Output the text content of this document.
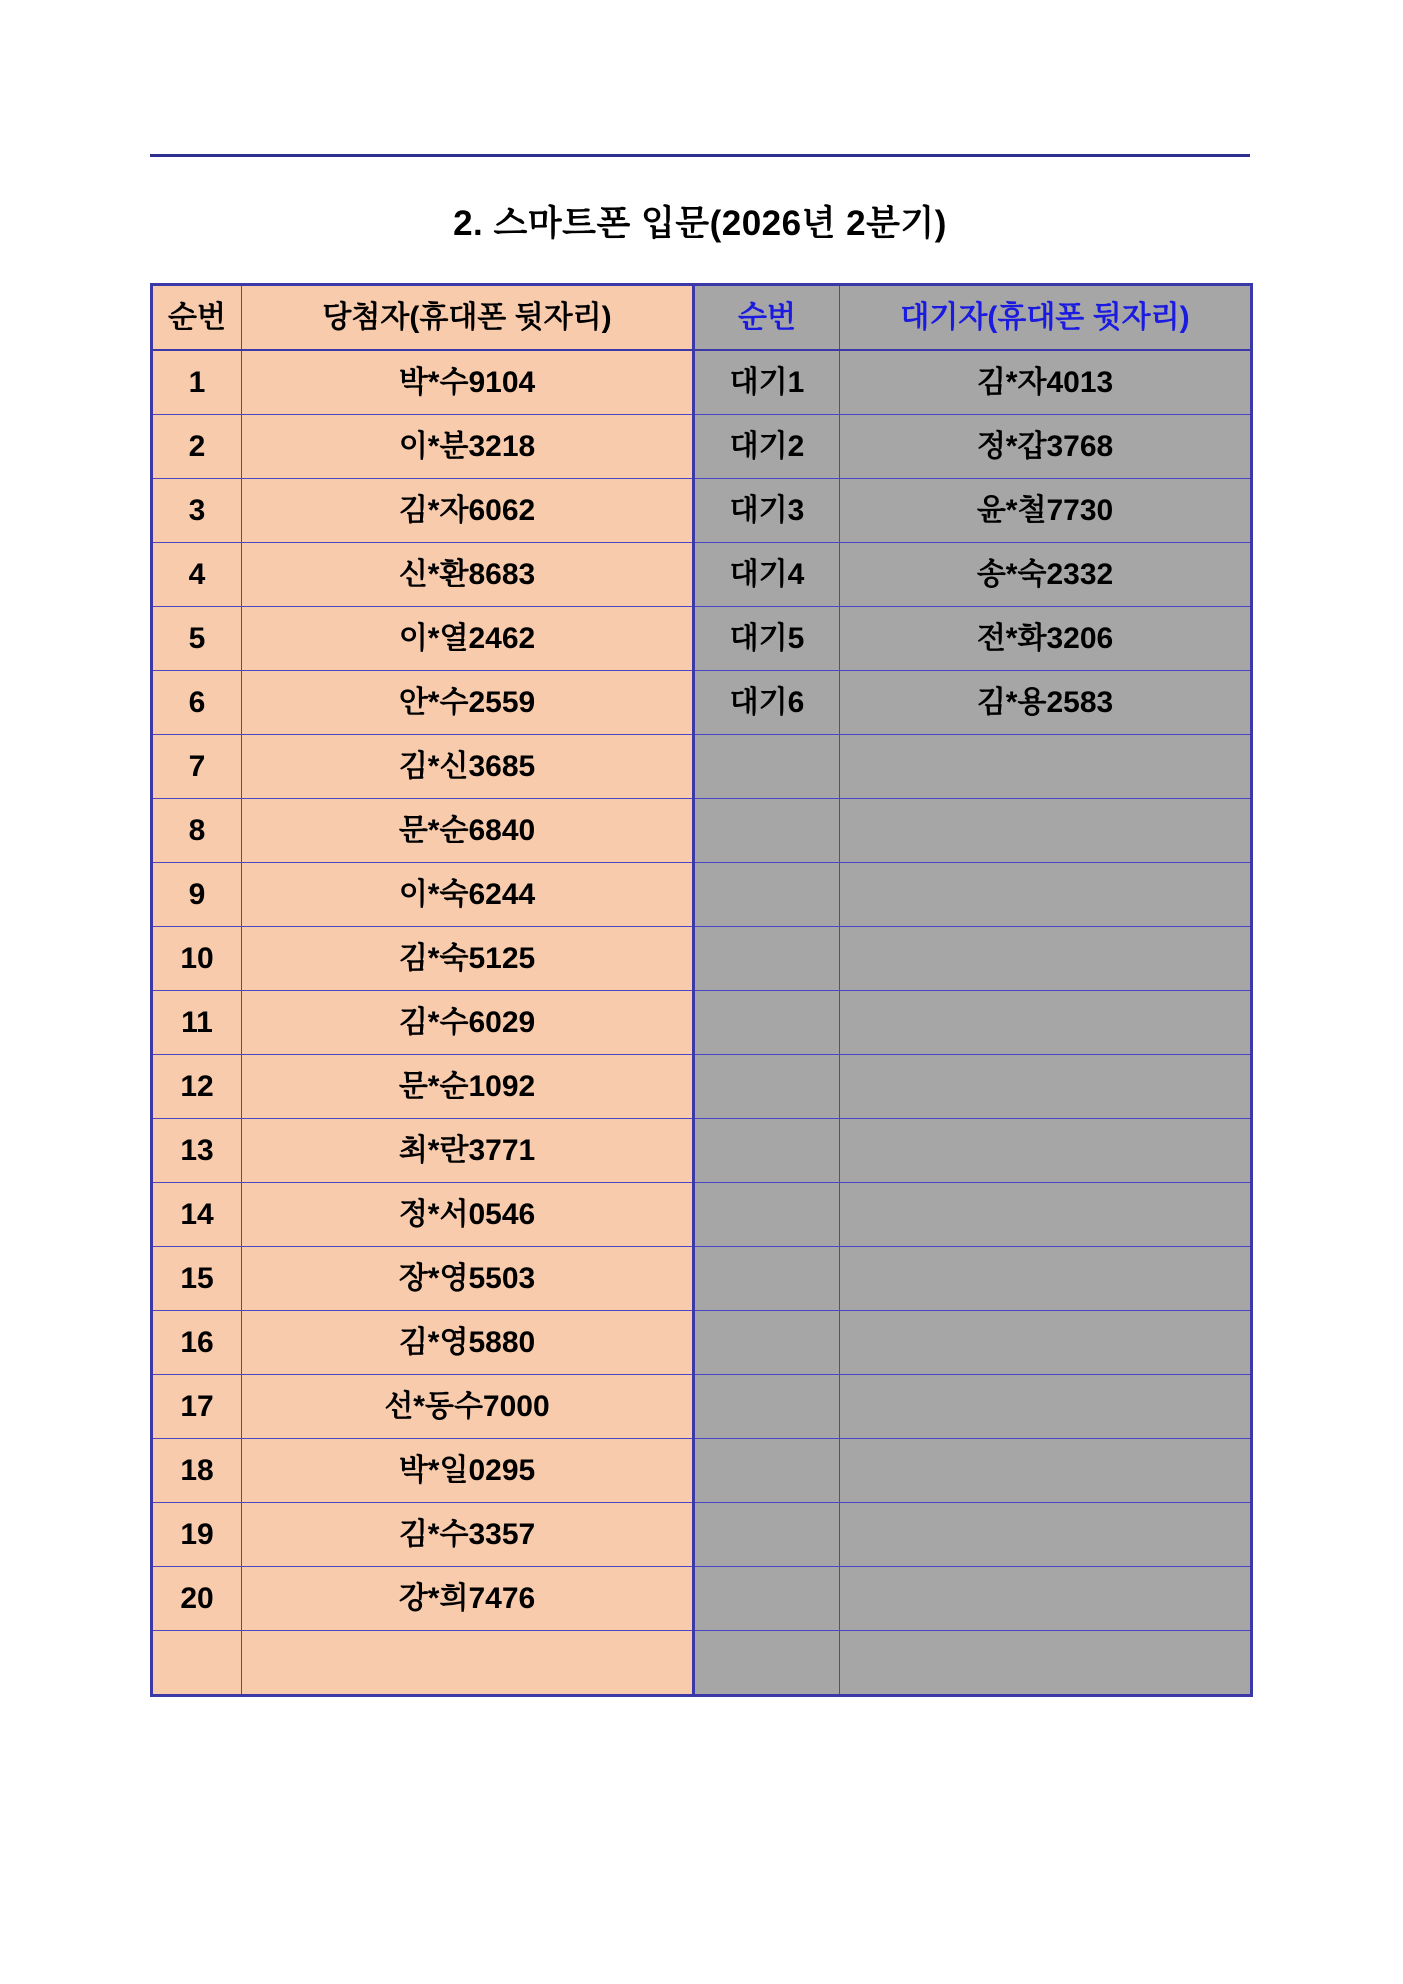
2. 스마트폰 입문(2026년 2분기)
순번	당첨자(휴대폰 뒷자리)	순번	대기자(휴대폰 뒷자리)
1	박*수9104	대기1	김*자4013
2	이*분3218	대기2	정*갑3768
3	김*자6062	대기3	윤*철7730
4	신*환8683	대기4	송*숙2332
5	이*열2462	대기5	전*화3206
6	안*수2559	대기6	김*용2583
7	김*신3685		
8	문*순6840		
9	이*숙6244		
10	김*숙5125		
11	김*수6029		
12	문*순1092		
13	최*란3771		
14	정*서0546		
15	장*영5503		
16	김*영5880		
17	선*동수7000		
18	박*일0295		
19	김*수3357		
20	강*희7476		
